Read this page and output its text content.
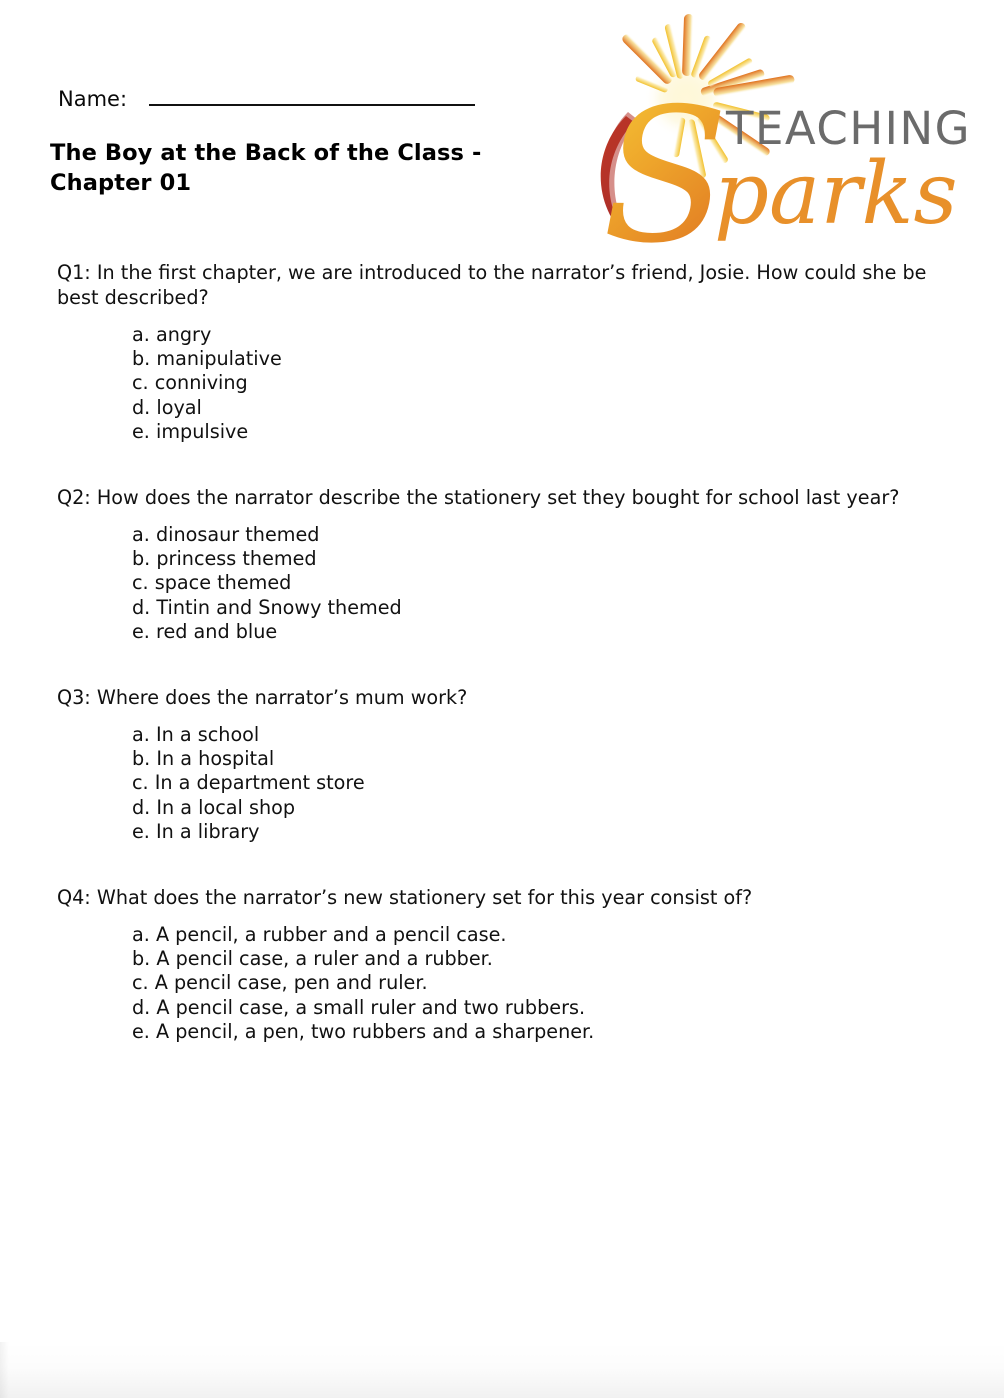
Name:
The Boy at the Back of the Class - Chapter 01	S
TEACHING
parks
Q1: In the first chapter, we are introduced to the narrator’s friend, Josie. How could she be best described?
a. angry
b. manipulative
c. conniving
d. loyal
e. impulsive
Q2: How does the narrator describe the stationery set they bought for school last year?
a. dinosaur themed
b. princess themed
c. space themed
d. Tintin and Snowy themed
e. red and blue
Q3: Where does the narrator’s mum work?
a. In a school
b. In a hospital
c. In a department store
d. In a local shop
e. In a library
Q4: What does the narrator’s new stationery set for this year consist of?
a. A pencil, a rubber and a pencil case.
b. A pencil case, a ruler and a rubber.
c. A pencil case, pen and ruler.
d. A pencil case, a small ruler and two rubbers.
e. A pencil, a pen, two rubbers and a sharpener.
